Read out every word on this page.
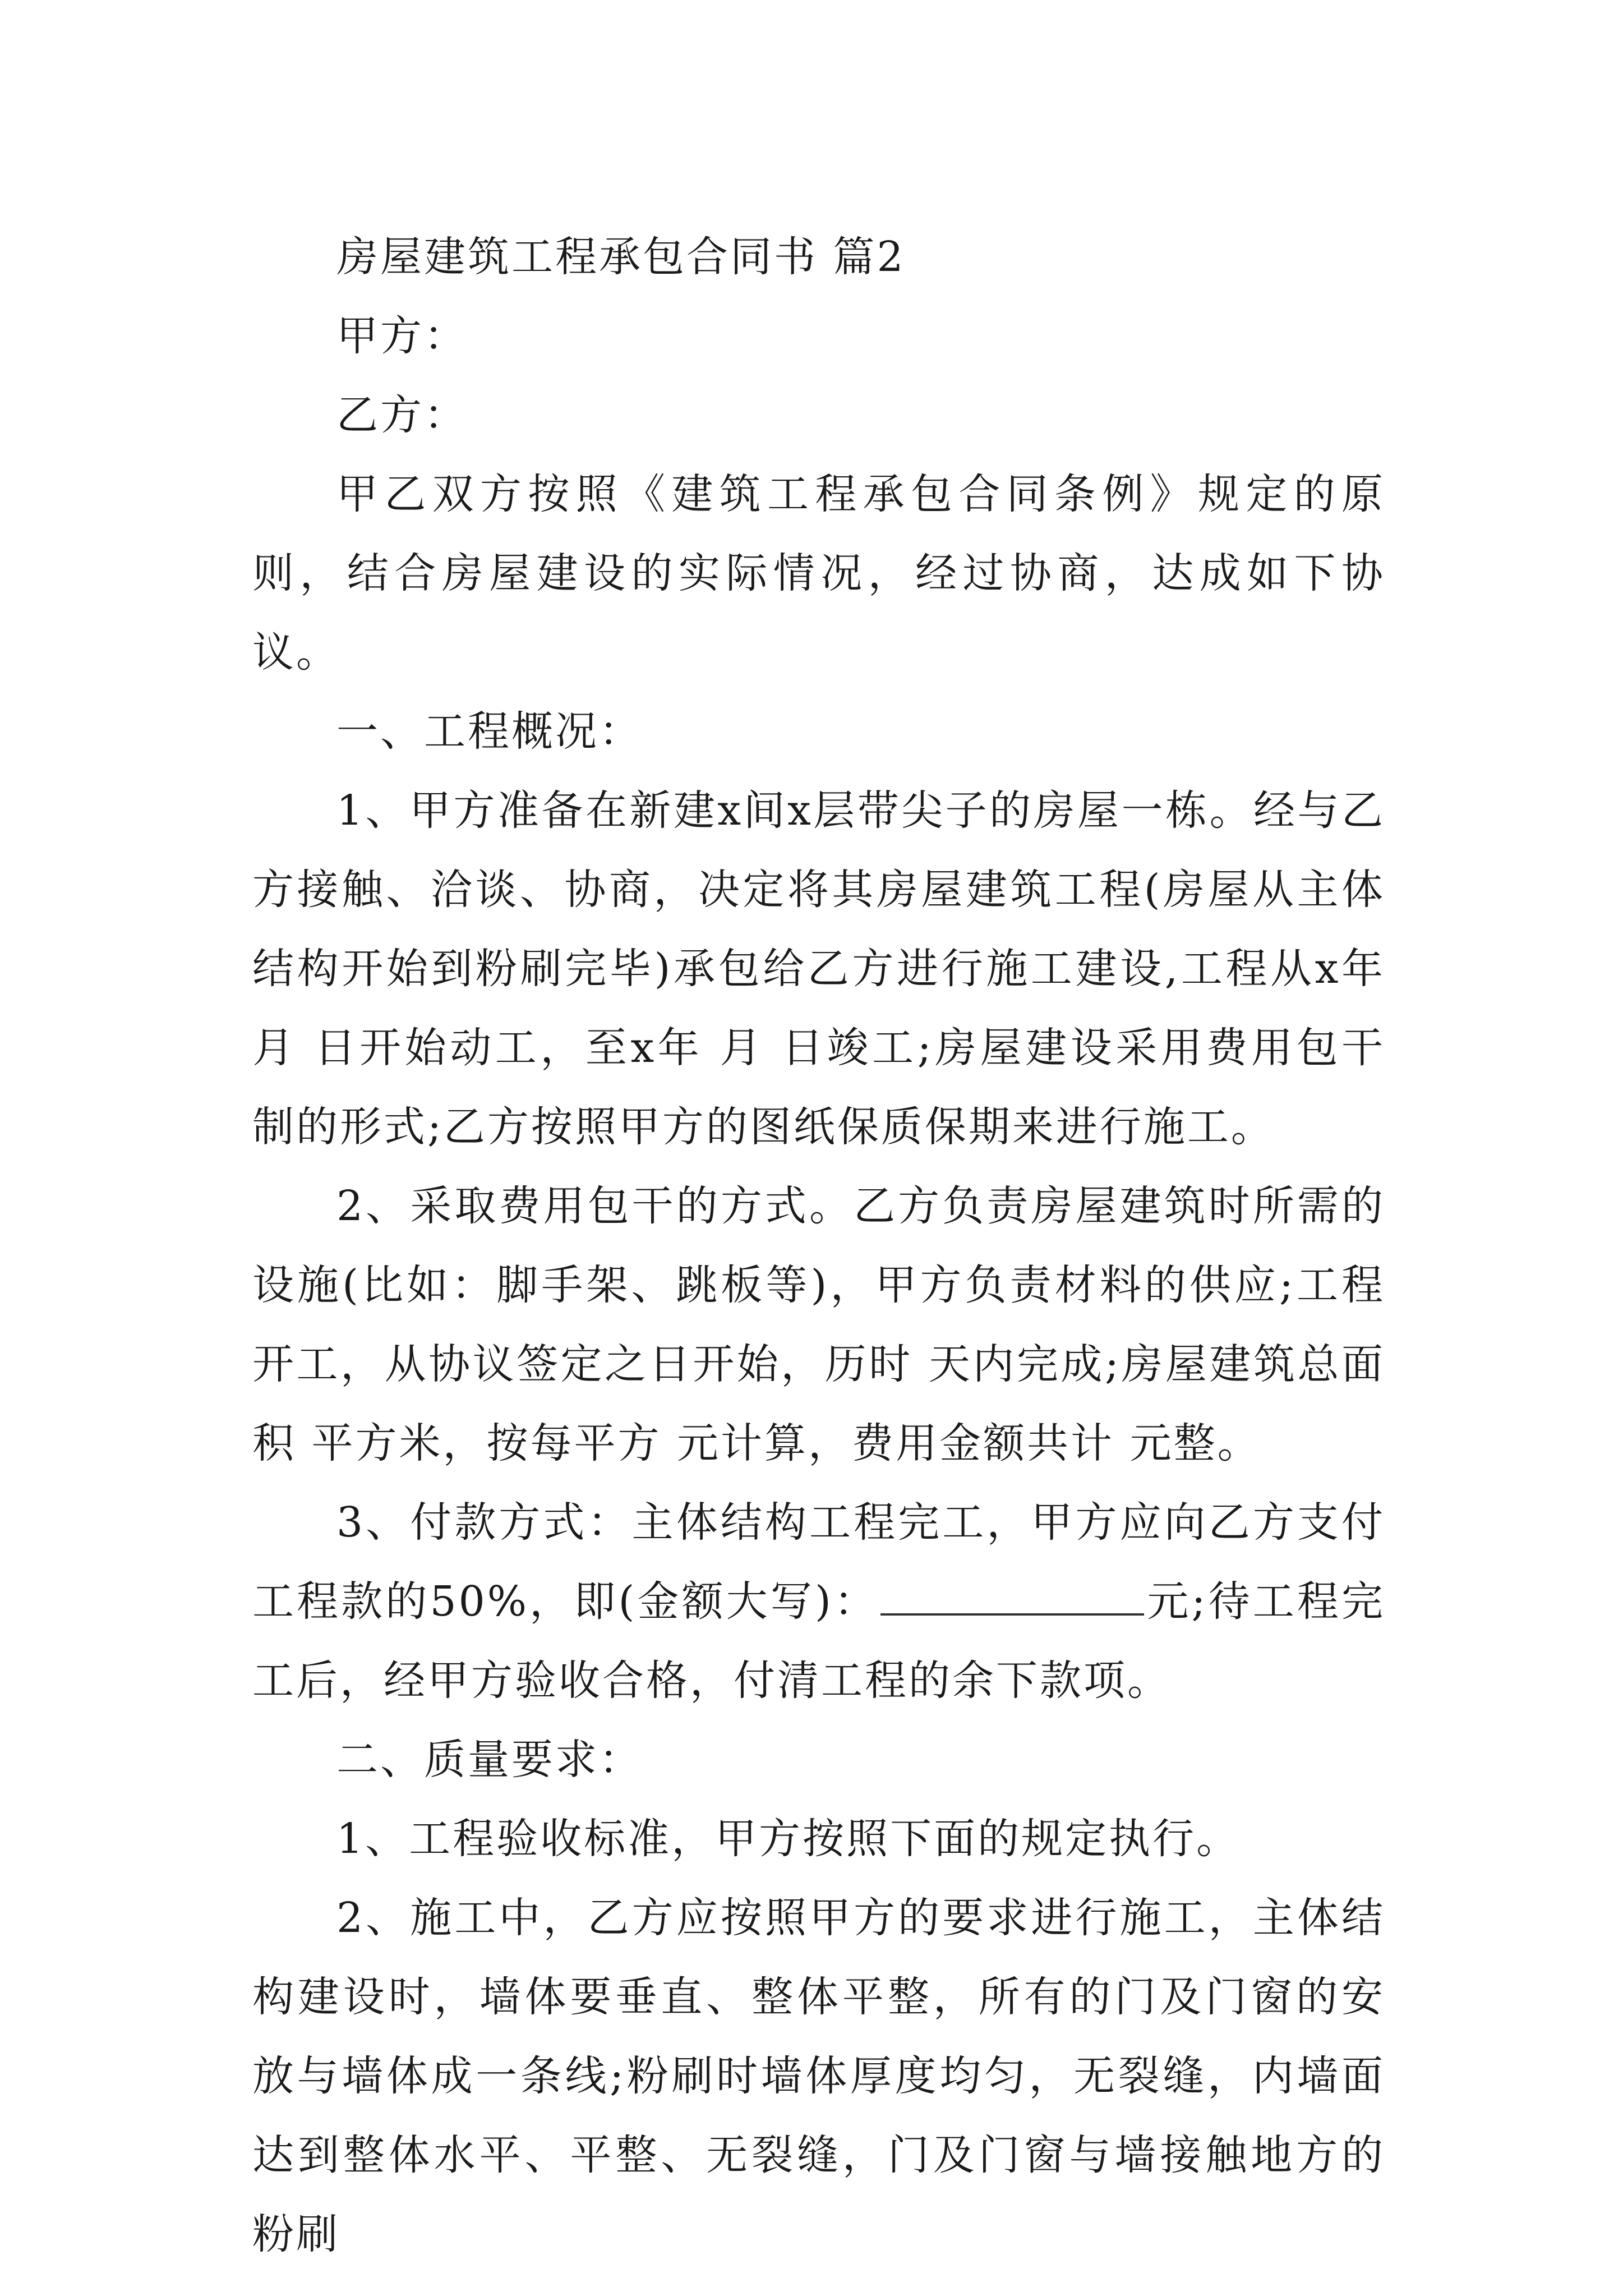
房屋建筑工程承包合同书 篇2

甲方：

乙方：

甲乙双方按照《建筑工程承包合同条例》规定的原则，结合房屋建设的实际情况，经过协商，达成如下协议。

一、工程概况：

1、甲方准备在新建x间x层带尖子的房屋一栋。经与乙方接触、洽谈、协商，决定将其房屋建筑工程(房屋从主体结构开始到粉刷完毕)承包给乙方进行施工建设,工程从x年 月 日开始动工，至x年 月 日竣工;房屋建设采用费用包干制的形式;乙方按照甲方的图纸保质保期来进行施工。

2、采取费用包干的方式。乙方负责房屋建筑时所需的设施(比如：脚手架、跳板等)，甲方负责材料的供应;工程开工，从协议签定之日开始，历时 天内完成;房屋建筑总面积 平方米，按每平方 元计算，费用金额共计 元整。

3、付款方式：主体结构工程完工，甲方应向乙方支付工程款的50%，即(金额大写)：	元;待工程完工后，经甲方验收合格，付清工程的余下款项。

二、质量要求：

1、工程验收标准，甲方按照下面的规定执行。

2、施工中，乙方应按照甲方的要求进行施工，主体结构建设时，墙体要垂直、整体平整，所有的门及门窗的安放与墙体成一条线;粉刷时墙体厚度均匀，无裂缝，内墙面达到整体水平、平整、无裂缝，门及门窗与墙接触地方的粉刷
